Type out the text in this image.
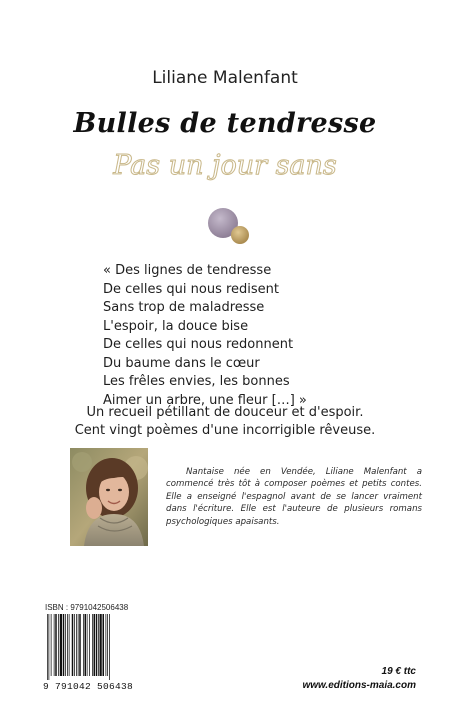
Liliane Malenfant
Bulles de tendresse
Pas un jour sans
« Des lignes de tendresse
De celles qui nous redisent
Sans trop de maladresse
L'espoir, la douce bise
De celles qui nous redonnent
Du baume dans le cœur
Les frêles envies, les bonnes
Aimer un arbre, une fleur […] »
Un recueil pétillant de douceur et d'espoir.
Cent vingt poèmes d'une incorrigible rêveuse.
Nantaise née en Vendée, Liliane Malenfant a commencé très tôt à composer poèmes et petits contes. Elle a enseigné l'espagnol avant de se lancer vraiment dans l'écriture. Elle est l'auteure de plusieurs romans psychologiques apaisants.
ISBN : 9791042506438
9 791042 506438
19 € ttc
www.editions-maia.com
